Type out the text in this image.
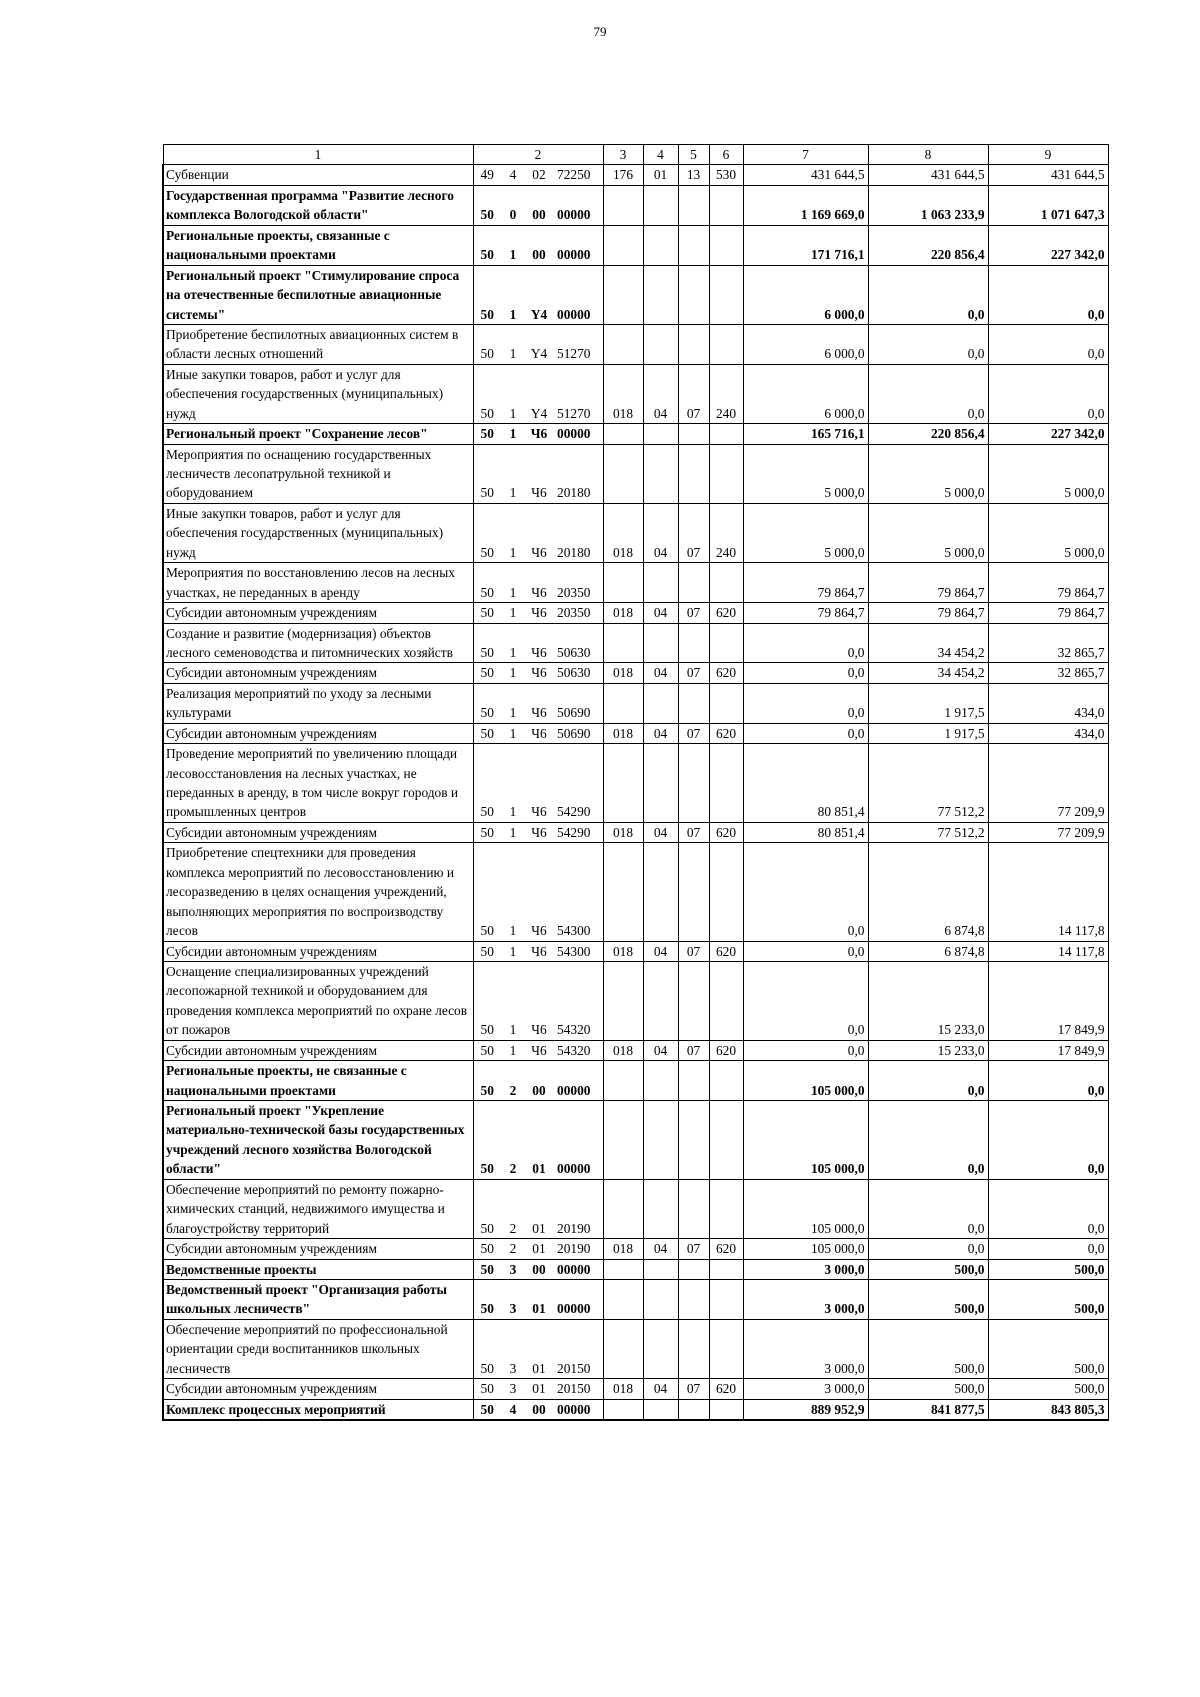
79
1	2				3	4	5	6	7	8	9
Субвенции	49	4	02	72250	176	01	13	530	431 644,5	431 644,5	431 644,5
Государственная программа "Развитие лесного комплекса Вологодской области"	50	0	00	00000					1 169 669,0	1 063 233,9	1 071 647,3
Региональные проекты, связанные с национальными проектами	50	1	00	00000					171 716,1	220 856,4	227 342,0
Региональный проект "Стимулирование спроса на отечественные беспилотные авиационные системы"	50	1	Y4	00000					6 000,0	0,0	0,0
Приобретение беспилотных авиационных систем в области лесных отношений	50	1	Y4	51270					6 000,0	0,0	0,0
Иные закупки товаров, работ и услуг для обеспечения государственных (муниципальных) нужд	50	1	Y4	51270	018	04	07	240	6 000,0	0,0	0,0
Региональный проект "Сохранение лесов"	50	1	Ч6	00000					165 716,1	220 856,4	227 342,0
Мероприятия по оснащению государственных лесничеств лесопатрульной техникой и оборудованием	50	1	Ч6	20180					5 000,0	5 000,0	5 000,0
Иные закупки товаров, работ и услуг для обеспечения государственных (муниципальных) нужд	50	1	Ч6	20180	018	04	07	240	5 000,0	5 000,0	5 000,0
Мероприятия по восстановлению лесов на лесных участках, не переданных в аренду	50	1	Ч6	20350					79 864,7	79 864,7	79 864,7
Субсидии автономным учреждениям	50	1	Ч6	20350	018	04	07	620	79 864,7	79 864,7	79 864,7
Создание и развитие (модернизация) объектов лесного семеноводства и питомнических хозяйств	50	1	Ч6	50630					0,0	34 454,2	32 865,7
Субсидии автономным учреждениям	50	1	Ч6	50630	018	04	07	620	0,0	34 454,2	32 865,7
Реализация мероприятий по уходу за лесными культурами	50	1	Ч6	50690					0,0	1 917,5	434,0
Субсидии автономным учреждениям	50	1	Ч6	50690	018	04	07	620	0,0	1 917,5	434,0
Проведение мероприятий по увеличению площади лесовосстановления на лесных участках, не переданных в аренду, в том числе вокруг городов и промышленных центров	50	1	Ч6	54290					80 851,4	77 512,2	77 209,9
Субсидии автономным учреждениям	50	1	Ч6	54290	018	04	07	620	80 851,4	77 512,2	77 209,9
Приобретение спецтехники для проведения комплекса мероприятий по лесовосстановлению и лесоразведению в целях оснащения учреждений, выполняющих мероприятия по воспроизводству лесов	50	1	Ч6	54300					0,0	6 874,8	14 117,8
Субсидии автономным учреждениям	50	1	Ч6	54300	018	04	07	620	0,0	6 874,8	14 117,8
Оснащение специализированных учреждений лесопожарной техникой и оборудованием для проведения комплекса мероприятий по охране лесов от пожаров	50	1	Ч6	54320					0,0	15 233,0	17 849,9
Субсидии автономным учреждениям	50	1	Ч6	54320	018	04	07	620	0,0	15 233,0	17 849,9
Региональные проекты, не связанные с национальными проектами	50	2	00	00000					105 000,0	0,0	0,0
Региональный проект "Укрепление материально-технической базы государственных учреждений лесного хозяйства Вологодской области"	50	2	01	00000					105 000,0	0,0	0,0
Обеспечение мероприятий по ремонту пожарно-химических станций, недвижимого имущества и благоустройству территорий	50	2	01	20190					105 000,0	0,0	0,0
Субсидии автономным учреждениям	50	2	01	20190	018	04	07	620	105 000,0	0,0	0,0
Ведомственные проекты	50	3	00	00000					3 000,0	500,0	500,0
Ведомственный проект "Организация работы школьных лесничеств"	50	3	01	00000					3 000,0	500,0	500,0
Обеспечение мероприятий по профессиональной ориентации среди воспитанников школьных лесничеств	50	3	01	20150					3 000,0	500,0	500,0
Субсидии автономным учреждениям	50	3	01	20150	018	04	07	620	3 000,0	500,0	500,0
Комплекс процессных мероприятий	50	4	00	00000					889 952,9	841 877,5	843 805,3
